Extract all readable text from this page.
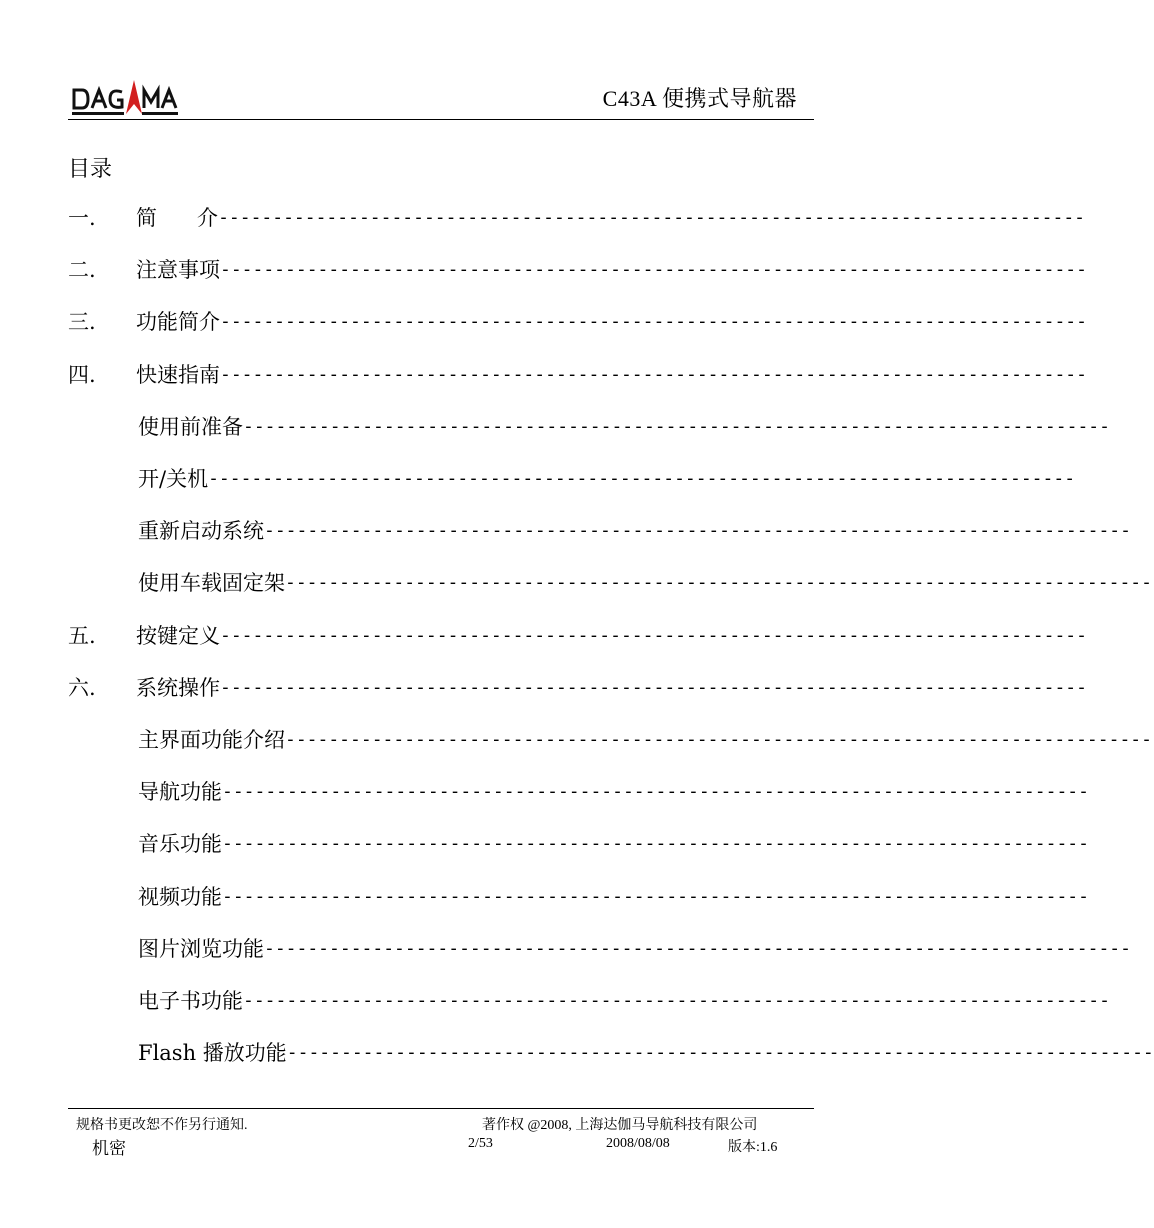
C43A 便携式导航器
目录
一.	简      介 --------------------------------------------------------------------------------
二.	注意事项 --------------------------------------------------------------------------------
三.	功能简介 --------------------------------------------------------------------------------
四.	快速指南 --------------------------------------------------------------------------------
使用前准备 --------------------------------------------------------------------------------
开/关机 --------------------------------------------------------------------------------
重新启动系统 --------------------------------------------------------------------------------
使用车载固定架 --------------------------------------------------------------------------------
五.	按键定义 --------------------------------------------------------------------------------
六.	系统操作 --------------------------------------------------------------------------------
主界面功能介绍 --------------------------------------------------------------------------------
导航功能 --------------------------------------------------------------------------------
音乐功能 --------------------------------------------------------------------------------
视频功能 --------------------------------------------------------------------------------
图片浏览功能 --------------------------------------------------------------------------------
电子书功能 --------------------------------------------------------------------------------
Flash 播放功能 --------------------------------------------------------------------------------
规格书更改恕不作另行通知.	著作权 @2008, 上海达伽马导航科技有限公司
机密	2/53	2008/08/08	版本:1.6
